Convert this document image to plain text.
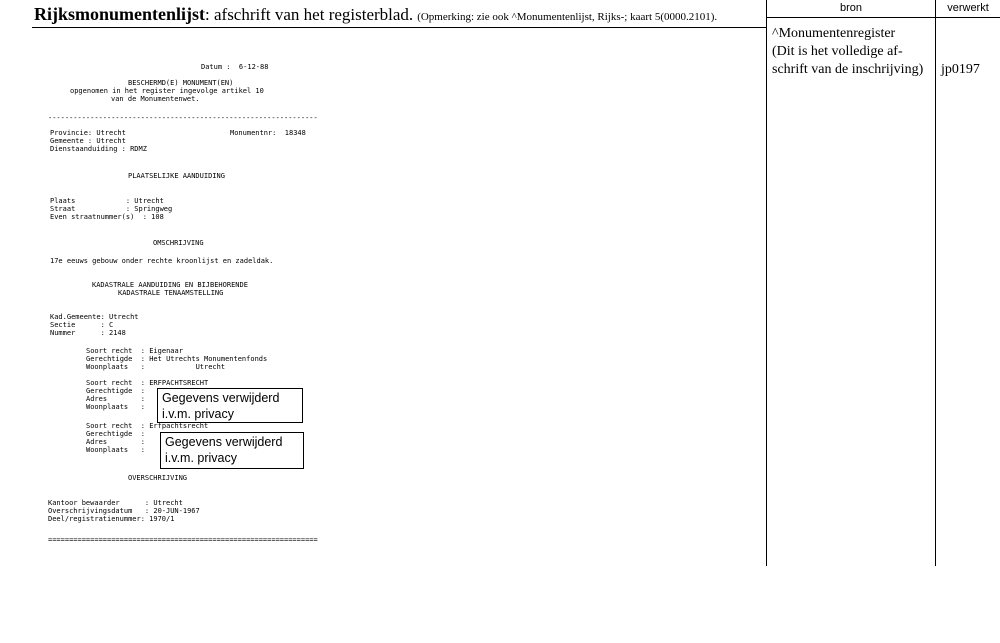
Rijksmonumentenlijst: afschrift van het registerblad. (Opmerking: zie ook ^Monumentenlijst, Rijks-; kaart 5(0000.2101).
bron	verwerkt
^Monumentenregister
(Dit is het volledige af-
schrift van de inschrijving)	jp0197
Datum :  6-12-88
BESCHERMD(E) MONUMENT(EN)
opgenomen in het register ingevolge artikel 10
van de Monumentenwet.
----------------------------------------------------------------
Provincie: Utrecht
Gemeente : Utrecht
Dienstaanduiding : RDMZ
Monumentnr:  18348
PLAATSELIJKE AANDUIDING
Plaats            : Utrecht
Straat            : Springweg
Even straatnummer(s)  : 108
OMSCHRIJVING
17e eeuws gebouw onder rechte kroonlijst en zadeldak.
KADASTRALE AANDUIDING EN BIJBEHORENDE
KADASTRALE TENAAMSTELLING
Kad.Gemeente: Utrecht
Sectie      : C
Nummer      : 2148
Soort recht  : Eigenaar
Gerechtigde  : Het Utrechts Monumentenfonds
Woonplaats   :            Utrecht
Soort recht  : ERFPACHTSRECHT
Gerechtigde  :
Adres        :
Woonplaats   :
Gegevens verwijderd
i.v.m. privacy
Soort recht  : Erfpachtsrecht
Gerechtigde  :
Adres        :
Woonplaats   :
Gegevens verwijderd
i.v.m. privacy
OVERSCHRIJVING
Kantoor bewaarder      : Utrecht
Overschrijvingsdatum   : 20-JUN-1967
Deel/registratienummer: 1970/1
================================================================
